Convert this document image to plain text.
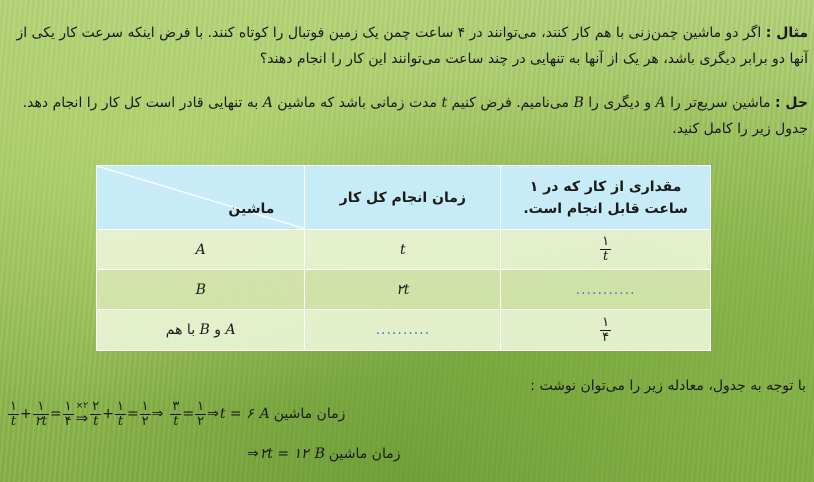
مثال : اگر دو ماشین چمن‌زنی با هم کار کنند، می‌توانند در ۴ ساعت چمن یک زمین فوتبال را کوتاه کنند. با فرض اینکه سرعت کار یکی از آنها دو برابر دیگری باشد، هر یک از آنها به تنهایی در چند ساعت می‌توانند این کار را انجام دهند؟
حل : ماشین سریع‌تر را A و دیگری را B می‌نامیم. فرض کنیم t مدت زمانی باشد که ماشین A به تنهایی قادر است کل کار را انجام دهد. جدول زیر را کامل کنید.
مقداری از کار که در ۱ ساعت قابل انجام است.	زمان انجام کل کار	ماشین

$\frac{۱}{t}$	t	A
...........	۲t	B

$\frac{۱}{۴}$	..........	A و B با هم
با توجه به جدول، معادله زیر را می‌توان نوشت :
$\frac{۱}{t} + \frac{۱}{۲t} = \frac{۱}{۴}$ ×۲
⇒ $\frac{۲}{t} + \frac{۱}{t} = \frac{۱}{۲}$ ⇒ $\frac{۳}{t} = \frac{۱}{۲}$ ⇒ t = ۶ A زمان ماشین
⇒ ۲t = ۱۲ B زمان ماشین
